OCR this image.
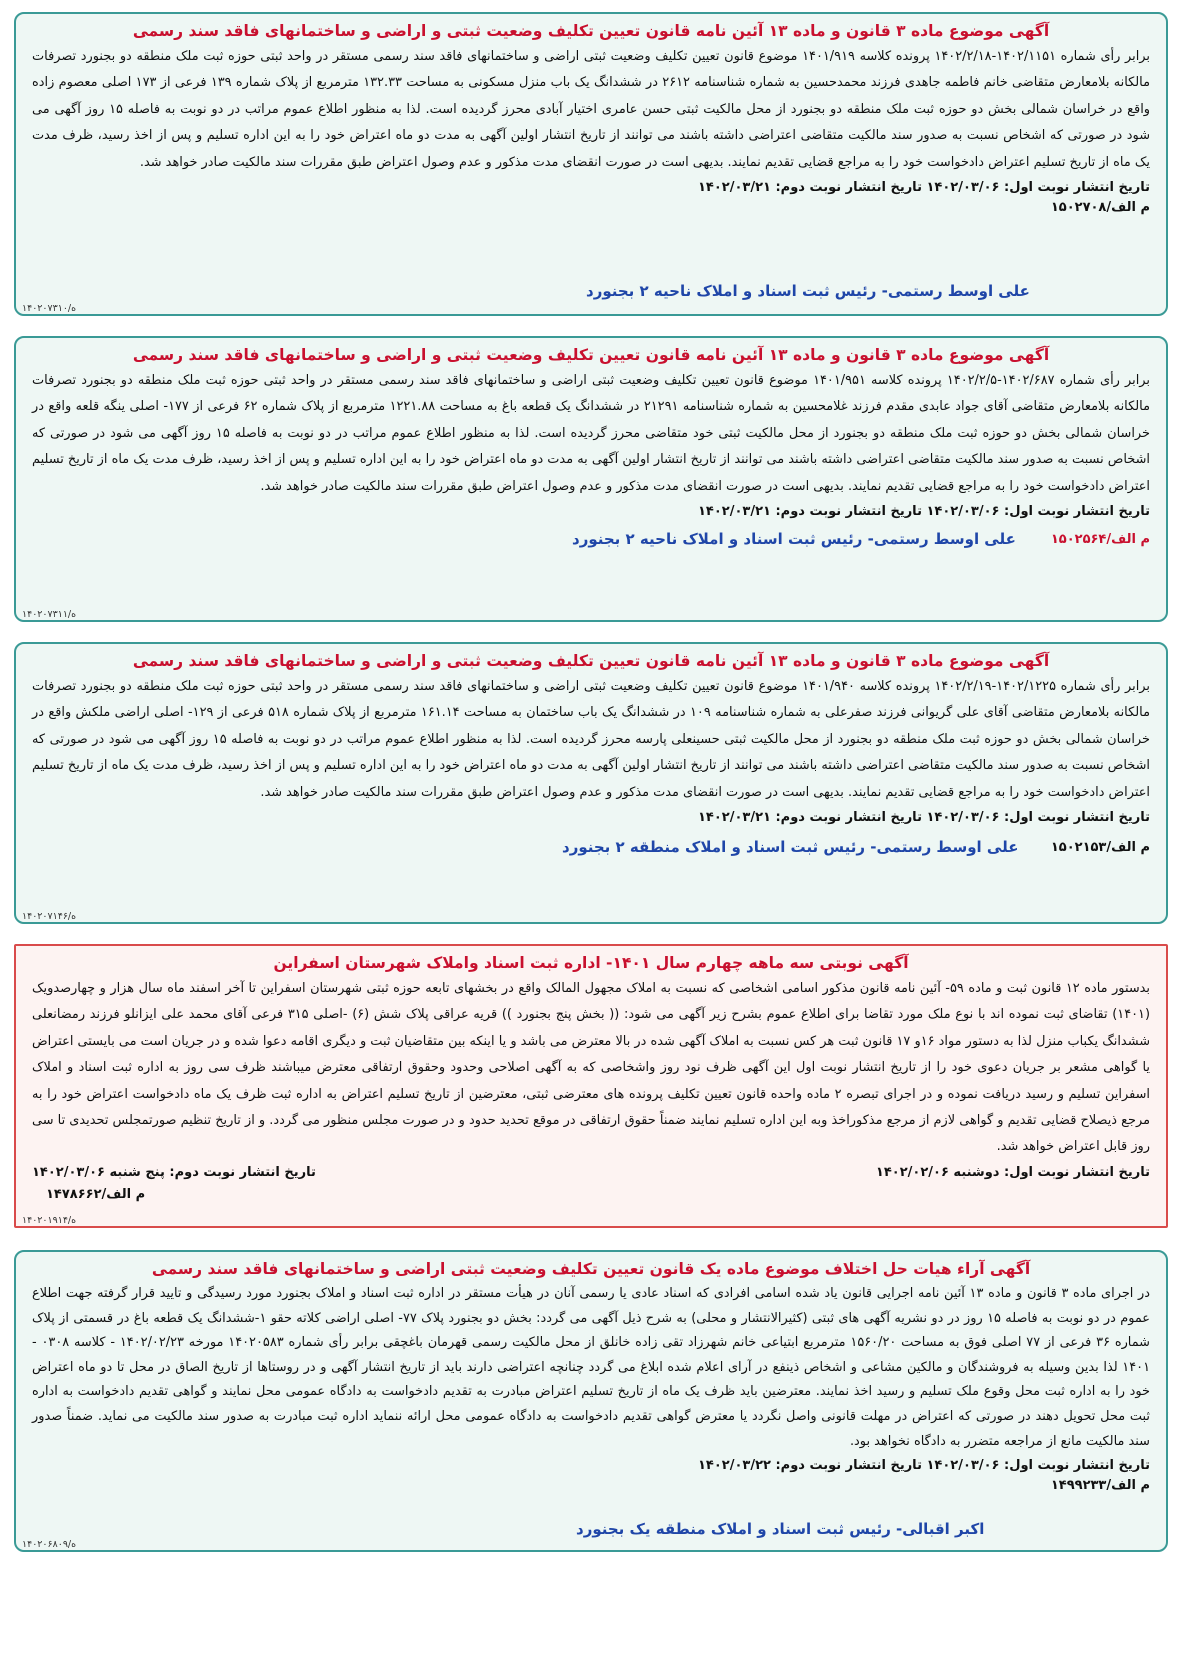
آگهی موضوع ماده ۳ قانون و ماده ۱۳ آئین نامه قانون تعیین تکلیف وضعیت ثبتی و اراضی و ساختمانهای فاقد سند رسمی

برابر رأی شماره ۱۴۰۲/۱۱۵۱-۱۴۰۲/۲/۱۸ پرونده کلاسه ۱۴۰۱/۹۱۹ موضوع قانون تعیین تکلیف وضعیت ثبتی اراضی و ساختمانهای فاقد سند رسمی مستقر در واحد ثبتی حوزه ثبت ملک منطقه دو بجنورد تصرفات مالکانه بلامعارض متقاضی خانم فاطمه جاهدی فرزند محمدحسین به شماره شناسنامه ۲۶۱۲ در ششدانگ یک باب منزل مسکونی به مساحت ۱۳۲.۳۳ مترمربع از پلاک شماره ۱۳۹ فرعی از ۱۷۳ اصلی معصوم زاده واقع در خراسان شمالی بخش دو حوزه ثبت ملک منطقه دو بجنورد از محل مالکیت ثبتی حسن عامری اختیار آبادی محرز گردیده است. لذا به منظور اطلاع عموم مراتب در دو نوبت به فاصله ۱۵ روز آگهی می شود در صورتی که اشخاص نسبت به صدور سند مالکیت متقاضی اعتراضی داشته باشند می توانند از تاریخ انتشار اولین آگهی به مدت دو ماه اعتراض خود را به این اداره تسلیم و پس از اخذ رسید، ظرف مدت یک ماه از تاریخ تسلیم اعتراض دادخواست خود را به مراجع قضایی تقدیم نمایند. بدیهی است در صورت انقضای مدت مذکور و عدم وصول اعتراض طبق مقررات سند مالکیت صادر خواهد شد.

تاریخ انتشار نوبت اول: ۱۴۰۲/۰۳/۰۶ تاریخ انتشار نوبت دوم: ۱۴۰۲/۰۳/۲۱
م الف/۱۵۰۲۷۰۸
علی اوسط رستمی- رئیس ثبت اسناد و املاک ناحیه ۲ بجنورد
۱۴۰۲۰۷۳۱۰/ه
آگهی موضوع ماده ۳ قانون و ماده ۱۳ آئین نامه قانون تعیین تکلیف وضعیت ثبتی و اراضی و ساختمانهای فاقد سند رسمی

برابر رأی شماره ۱۴۰۲/۶۸۷-۱۴۰۲/۲/۵ پرونده کلاسه ۱۴۰۱/۹۵۱ موضوع قانون تعیین تکلیف وضعیت ثبتی اراضی و ساختمانهای فاقد سند رسمی مستقر در واحد ثبتی حوزه ثبت ملک منطقه دو بجنورد تصرفات مالکانه بلامعارض متقاضی آقای جواد عابدی مقدم فرزند غلامحسین به شماره شناسنامه ۲۱۲۹۱ در ششدانگ یک قطعه باغ به مساحت ۱۲۲۱.۸۸ مترمربع از پلاک شماره ۶۲ فرعی از ۱۷۷- اصلی ینگه قلعه واقع در خراسان شمالی بخش دو حوزه ثبت ملک منطقه دو بجنورد از محل مالکیت ثبتی خود متقاضی محرز گردیده است. لذا به منظور اطلاع عموم مراتب در دو نوبت به فاصله ۱۵ روز آگهی می شود در صورتی که اشخاص نسبت به صدور سند مالکیت متقاضی اعتراضی داشته باشند می توانند از تاریخ انتشار اولین آگهی به مدت دو ماه اعتراض خود را به این اداره تسلیم و پس از اخذ رسید، ظرف مدت یک ماه از تاریخ تسلیم اعتراض دادخواست خود را به مراجع قضایی تقدیم نمایند. بدیهی است در صورت انقضای مدت مذکور و عدم وصول اعتراض طبق مقررات سند مالکیت صادر خواهد شد.

تاریخ انتشار نوبت اول: ۱۴۰۲/۰۳/۰۶ تاریخ انتشار نوبت دوم: ۱۴۰۲/۰۳/۲۱
م الف/۱۵۰۲۵۶۴
علی اوسط رستمی- رئیس ثبت اسناد و املاک ناحیه ۲ بجنورد
۱۴۰۲۰۷۳۱۱/ه
آگهی موضوع ماده ۳ قانون و ماده ۱۳ آئین نامه قانون تعیین تکلیف وضعیت ثبتی و اراضی و ساختمانهای فاقد سند رسمی

برابر رأی شماره ۱۴۰۲/۱۲۲۵-۱۴۰۲/۲/۱۹ پرونده کلاسه ۱۴۰۱/۹۴۰ موضوع قانون تعیین تکلیف وضعیت ثبتی اراضی و ساختمانهای فاقد سند رسمی مستقر در واحد ثبتی حوزه ثبت ملک منطقه دو بجنورد تصرفات مالکانه بلامعارض متقاضی آقای علی گریوانی فرزند صفرعلی به شماره شناسنامه ۱۰۹ در ششدانگ یک باب ساختمان به مساحت ۱۶۱.۱۴ مترمربع از پلاک شماره ۵۱۸ فرعی از ۱۲۹- اصلی اراضی ملکش واقع در خراسان شمالی بخش دو حوزه ثبت ملک منطقه دو بجنورد از محل مالکیت ثبتی حسینعلی پارسه محرز گردیده است. لذا به منظور اطلاع عموم مراتب در دو نوبت به فاصله ۱۵ روز آگهی می شود در صورتی که اشخاص نسبت به صدور سند مالکیت متقاضی اعتراضی داشته باشند می توانند از تاریخ انتشار اولین آگهی به مدت دو ماه اعتراض خود را به این اداره تسلیم و پس از اخذ رسید، ظرف مدت یک ماه از تاریخ تسلیم اعتراض دادخواست خود را به مراجع قضایی تقدیم نمایند. بدیهی است در صورت انقضای مدت مذکور و عدم وصول اعتراض طبق مقررات سند مالکیت صادر خواهد شد.

تاریخ انتشار نوبت اول: ۱۴۰۲/۰۳/۰۶ تاریخ انتشار نوبت دوم: ۱۴۰۲/۰۳/۲۱
م الف/۱۵۰۲۱۵۳
علی اوسط رستمی- رئیس ثبت اسناد و املاک منطقه ۲ بجنورد
۱۴۰۲۰۷۱۴۶/ه
آگهی نوبتی سه ماهه چهارم سال ۱۴۰۱- اداره ثبت اسناد واملاک شهرستان اسفراین

بدستور ماده ۱۲ قانون ثبت و ماده ۵۹- آئین نامه قانون مذکور اسامی اشخاصی که نسبت به املاک مجهول المالک واقع در بخشهای تابعه حوزه ثبتی شهرستان اسفراین تا آخر اسفند ماه سال هزار و چهارصدویک (۱۴۰۱) تقاضای ثبت نموده اند با نوع ملک مورد تقاضا برای اطلاع عموم بشرح زیر آگهی می شود: (( بخش پنج بجنورد )) قریه عراقی پلاک شش (۶) -اصلی ۳۱۵ فرعی آقای محمد علی ایزانلو فرزند رمضانعلی ششدانگ یکباب منزل لذا به دستور مواد ۱۶و ۱۷ قانون ثبت هر کس نسبت به املاک آگهی شده در بالا معترض می باشد و یا اینکه بین متقاضیان ثبت و دیگری اقامه دعوا شده و در جریان است می بایستی اعتراض یا گواهی مشعر بر جریان دعوی خود را از تاریخ انتشار نوبت اول این آگهی ظرف نود روز واشخاصی که به آگهی اصلاحی وحدود وحقوق ارتفاقی معترض میباشند ظرف سی روز به اداره ثبت اسناد و املاک اسفراین تسلیم و رسید دریافت نموده و در اجرای تبصره ۲ ماده واحده قانون تعیین تکلیف پرونده های معترضی ثبتی، معترضین از تاریخ تسلیم اعتراض به اداره ثبت ظرف یک ماه دادخواست اعتراض خود را به مرجع ذیصلاح قضایی تقدیم و گواهی لازم از مرجع مذکوراخذ وبه این اداره تسلیم نمایند ضمناً حقوق ارتفاقی در موقع تحدید حدود و در صورت مجلس منظور می گردد. و از تاریخ تنظیم صورتمجلس تحدیدی تا سی روز قابل اعتراض خواهد شد.

تاریخ انتشار نوبت اول: دوشنبه ۱۴۰۲/۰۲/۰۶
تاریخ انتشار نوبت دوم: پنج شنبه ۱۴۰۲/۰۳/۰۶
م الف/۱۴۷۸۶۶۲
۱۴۰۲۰۱۹۱۴/ه
آگهی آراء هیات حل اختلاف موضوع ماده یک قانون تعیین تکلیف وضعیت ثبتی اراضی و ساختمانهای فاقد سند رسمی

در اجرای ماده ۳ قانون و ماده ۱۳ آئین نامه اجرایی قانون یاد شده اسامی افرادی که اسناد عادی یا رسمی آنان در هیأت مستقر در اداره ثبت اسناد و املاک بجنورد مورد رسیدگی و تایید قرار گرفته جهت اطلاع عموم در دو نوبت به فاصله ۱۵ روز در دو نشریه آگهی های ثبتی (کثیرالانتشار و محلی) به شرح ذیل آگهی می گردد: بخش دو بجنورد پلاک ۷۷- اصلی اراضی کلاته حقو ۱-ششدانگ یک قطعه باغ در قسمتی از پلاک شماره ۳۶ فرعی از ۷۷ اصلی فوق به مساحت ۱۵۶۰/۲۰ مترمربع ابتیاعی خانم شهرزاد تقی زاده خانلق از محل مالکیت رسمی قهرمان باغچقی برابر رأی شماره ۱۴۰۲۰۵۸۳ مورخه ۱۴۰۲/۰۲/۲۳ - کلاسه ۰۳۰۸ - ۱۴۰۱ لذا بدین وسیله به فروشندگان و مالکین مشاعی و اشخاص ذینفع در آرای اعلام شده ابلاغ می گردد چنانچه اعتراضی دارند باید از تاریخ انتشار آگهی و در روستاها از تاریخ الصاق در محل تا دو ماه اعتراض خود را به اداره ثبت محل وقوع ملک تسلیم و رسید اخذ نمایند. معترضین باید ظرف یک ماه از تاریخ تسلیم اعتراض مبادرت به تقدیم دادخواست به دادگاه عمومی محل نمایند و گواهی تقدیم دادخواست به اداره ثبت محل تحویل دهند در صورتی که اعتراض در مهلت قانونی واصل نگردد یا معترض گواهی تقدیم دادخواست به دادگاه عمومی محل ارائه ننماید اداره ثبت مبادرت به صدور سند مالکیت می نماید. ضمناً صدور سند مالکیت مانع از مراجعه متضرر به دادگاه نخواهد بود.

تاریخ انتشار نوبت اول: ۱۴۰۲/۰۳/۰۶ تاریخ انتشار نوبت دوم: ۱۴۰۲/۰۳/۲۲
م الف/۱۴۹۹۲۳۳
اکبر اقبالی- رئیس ثبت اسناد و املاک منطقه یک بجنورد
۱۴۰۲۰۶۸۰۹/ه
